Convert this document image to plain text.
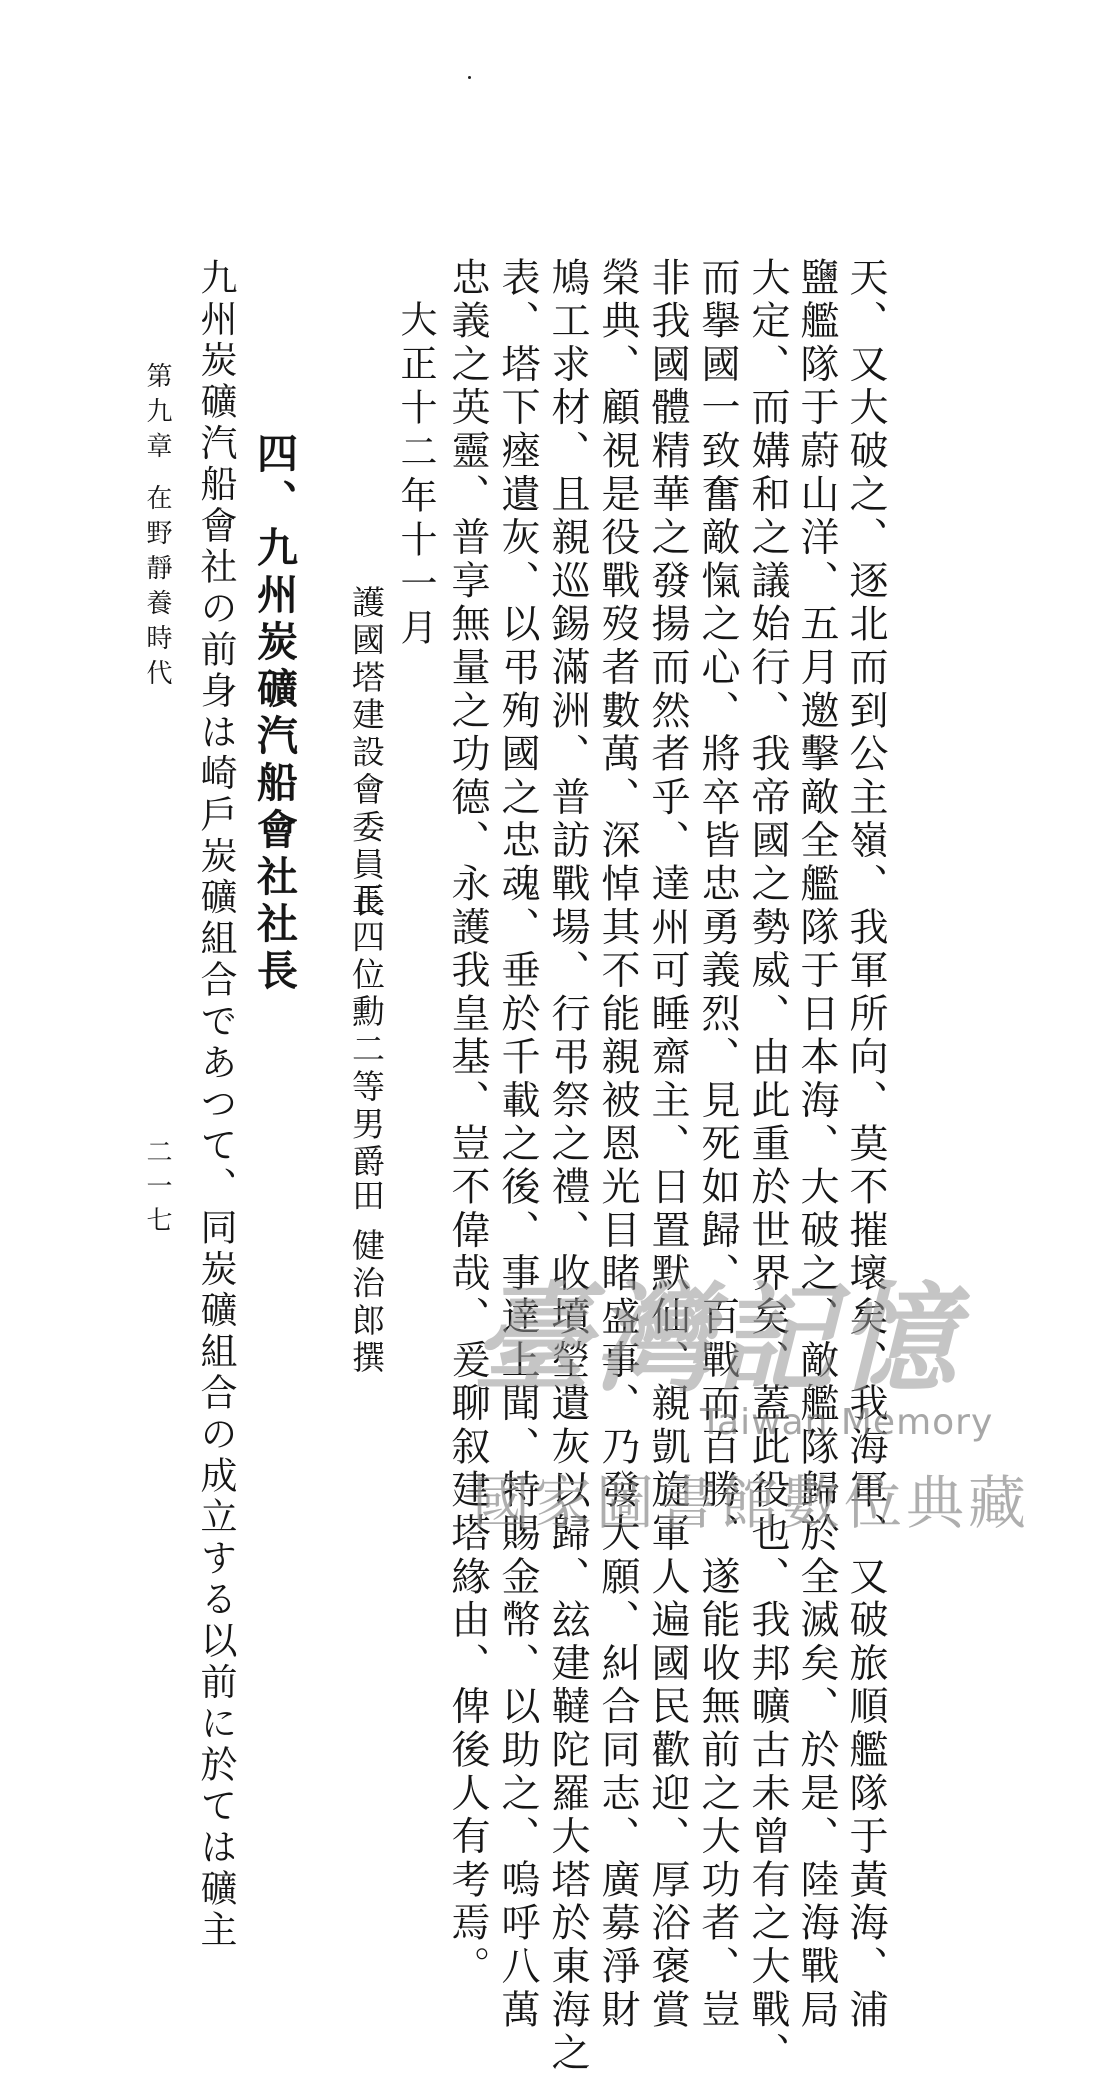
天、又大破之、逐北而到公主嶺、我軍所向、莫不摧壞矣、我海軍、又破旅順艦隊于黃海、浦
鹽艦隊于蔚山洋、五月邀擊敵全艦隊于日本海、大破之、敵艦隊歸於全滅矣、於是、陸海戰局
大定、而媾和之議始行、我帝國之勢威、由此重於世界矣、蓋此役也、我邦曠古未曾有之大戰、
而擧國一致奮敵愾之心、將卒皆忠勇義烈、見死如歸、百戰而百勝、遂能收無前之大功者、豈
非我國體精華之發揚而然者乎、達州可睡齋主、日置默仙、親凱旋軍人遍國民歡迎、厚浴褒賞
榮典、顧視是役戰歿者數萬、深悼其不能親被恩光目睹盛事、乃發大願、糾合同志、廣募淨財
鳩工求材、且親巡錫滿洲、普訪戰場、行弔祭之禮、收墳塋遺灰以歸、玆建韃陀羅大塔於東海之
表、塔下瘞遺灰、以弔殉國之忠魂、垂於千載之後、事達上聞、特賜金幣、以助之、嗚呼八萬
忠義之英靈、普享無量之功德、永護我皇基、豈不偉哉、爰聊叙建塔緣由、俾後人有考焉。
大正十二年十一月
護國塔建設會委員長
正四位勳二等男爵
田
健治郎撰
四、九州炭礦汽船會社社長
九州炭礦汽船會社の前身は崎戶炭礦組合であつて、同炭礦組合の成立する以前に於ては礦主
第九章
在野靜養時代
二一七
臺灣記憶
Taiwan Memory
國家圖書館數位典藏
